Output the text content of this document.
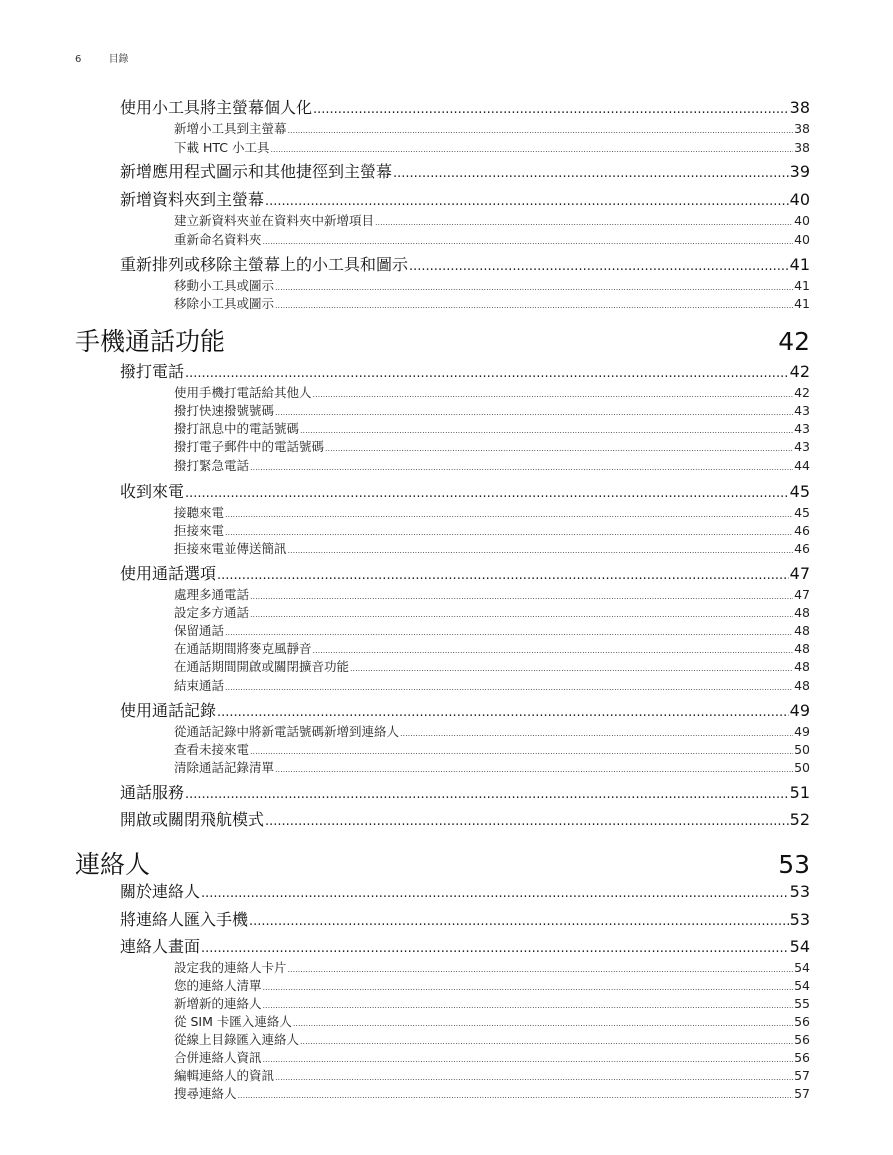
6	目錄
使用小工具將主螢幕個人化 .....	38
新增小工具到主螢幕 .....	38
下載 HTC 小工具 .....	38
新增應用程式圖示和其他捷徑到主螢幕 .....	39
新增資料夾到主螢幕 .....	40
建立新資料夾並在資料夾中新增項目 .....	40
重新命名資料夾 .....	40
重新排列或移除主螢幕上的小工具和圖示 .....	41
移動小工具或圖示 .....	41
移除小工具或圖示 .....	41
手機通話功能	42
撥打電話 .....	42
使用手機打電話給其他人 .....	42
撥打快速撥號號碼 .....	43
撥打訊息中的電話號碼 .....	43
撥打電子郵件中的電話號碼 .....	43
撥打緊急電話 .....	44
收到來電 .....	45
接聽來電 .....	45
拒接來電 .....	46
拒接來電並傳送簡訊 .....	46
使用通話選項 .....	47
處理多通電話 .....	47
設定多方通話 .....	48
保留通話 .....	48
在通話期間將麥克風靜音 .....	48
在通話期間開啟或關閉擴音功能 .....	48
結束通話 .....	48
使用通話記錄 .....	49
從通話記錄中將新電話號碼新增到連絡人 .....	49
查看未接來電 .....	50
清除通話記錄清單 .....	50
通話服務 .....	51
開啟或關閉飛航模式 .....	52
連絡人	53
關於連絡人 .....	53
將連絡人匯入手機 .....	53
連絡人畫面 .....	54
設定我的連絡人卡片 .....	54
您的連絡人清單 .....	54
新增新的連絡人 .....	55
從 SIM 卡匯入連絡人 .....	56
從線上目錄匯入連絡人 .....	56
合併連絡人資訊 .....	56
編輯連絡人的資訊 .....	57
搜尋連絡人 .....	57
